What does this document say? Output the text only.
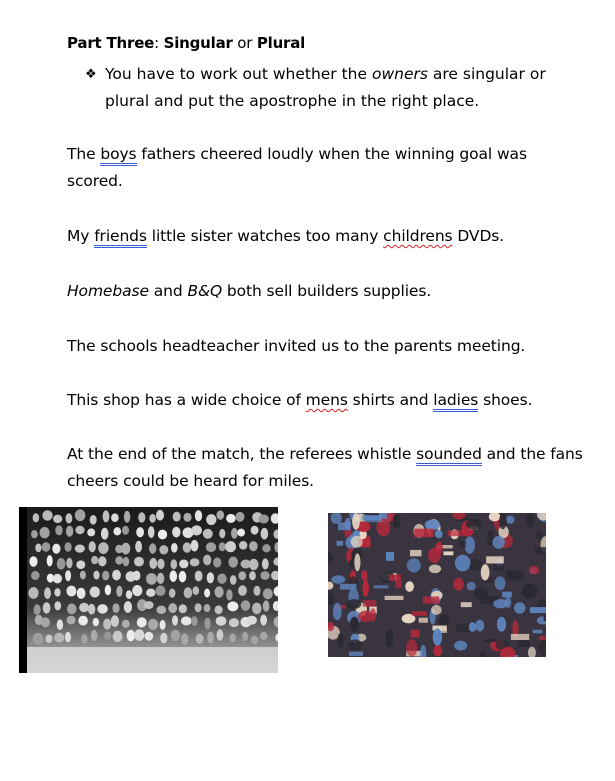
Part Three: Singular or Plural
❖ You have to work out whether the owners are singular or plural and put the apostrophe in the right place.
The boys fathers cheered loudly when the winning goal was scored.
My friends little sister watches too many childrens DVDs.
Homebase and B&Q both sell builders supplies.
The schools headteacher invited us to the parents meeting.
This shop has a wide choice of mens shirts and ladies shoes.
At the end of the match, the referees whistle sounded and the fans cheers could be heard for miles.
